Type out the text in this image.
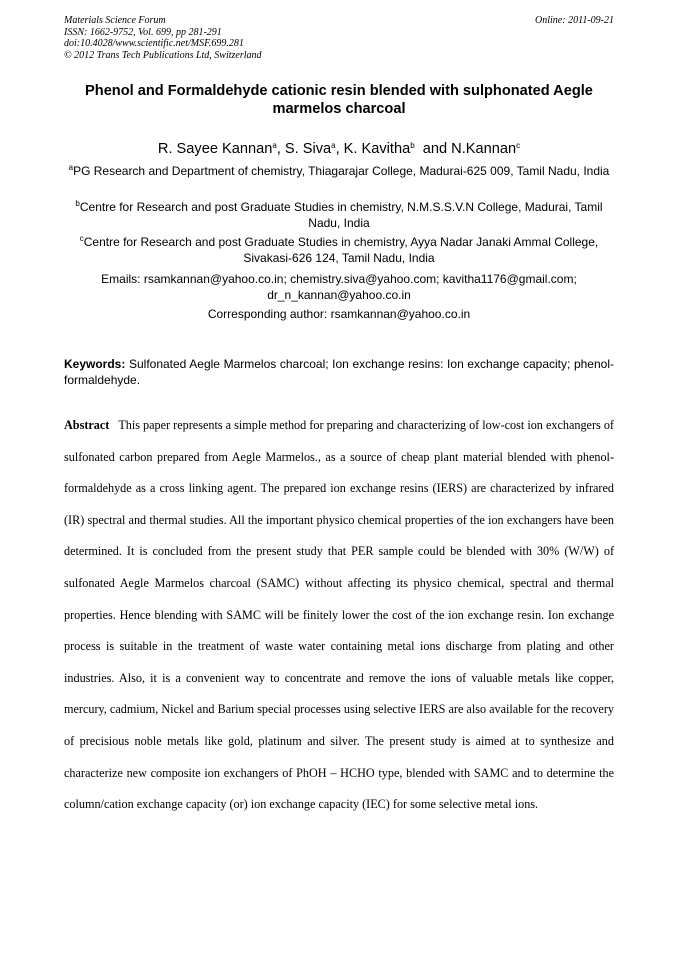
Materials Science Forum
ISSN: 1662-9752, Vol. 699, pp 281-291
doi:10.4028/www.scientific.net/MSF.699.281
© 2012 Trans Tech Publications Ltd, Switzerland
Online: 2011-09-21
Phenol and Formaldehyde cationic resin blended with sulphonated Aegle marmelos charcoal
R. Sayee Kannan$^a$, S. Siva$^a$, K. Kavitha$^b$  and N.Kannan$^c$
$^a$PG Research and Department of chemistry, Thiagarajar College, Madurai-625 009, Tamil Nadu, India
$^b$Centre for Research and post Graduate Studies in chemistry, N.M.S.S.V.N College, Madurai, Tamil Nadu, India
$^c$Centre for Research and post Graduate Studies in chemistry, Ayya Nadar Janaki Ammal College, Sivakasi-626 124, Tamil Nadu, India
Emails: rsamkannan@yahoo.co.in; chemistry.siva@yahoo.com; kavitha1176@gmail.com; dr_n_kannan@yahoo.co.in
Corresponding author: rsamkannan@yahoo.co.in
Keywords: Sulfonated Aegle Marmelos charcoal; Ion exchange resins: Ion exchange capacity; phenol-formaldehyde.
Abstract This paper represents a simple method for preparing and characterizing of low-cost ion exchangers of sulfonated carbon prepared from Aegle Marmelos., as a source of cheap plant material blended with phenol-formaldehyde as a cross linking agent. The prepared ion exchange resins (IERS) are characterized by infrared (IR) spectral and thermal studies. All the important physico chemical properties of the ion exchangers have been determined. It is concluded from the present study that PER sample could be blended with 30% (W/W) of sulfonated Aegle Marmelos charcoal (SAMC) without affecting its physico chemical, spectral and thermal properties. Hence blending with SAMC will be finitely lower the cost of the ion exchange resin. Ion exchange process is suitable in the treatment of waste water containing metal ions discharge from plating and other industries. Also, it is a convenient way to concentrate and remove the ions of valuable metals like copper, mercury, cadmium, Nickel and Barium special processes using selective IERS are also available for the recovery of precisious noble metals like gold, platinum and silver. The present study is aimed at to synthesize and characterize new composite ion exchangers of PhOH – HCHO type, blended with SAMC and to determine the column/cation exchange capacity (or) ion exchange capacity (IEC) for some selective metal ions.
